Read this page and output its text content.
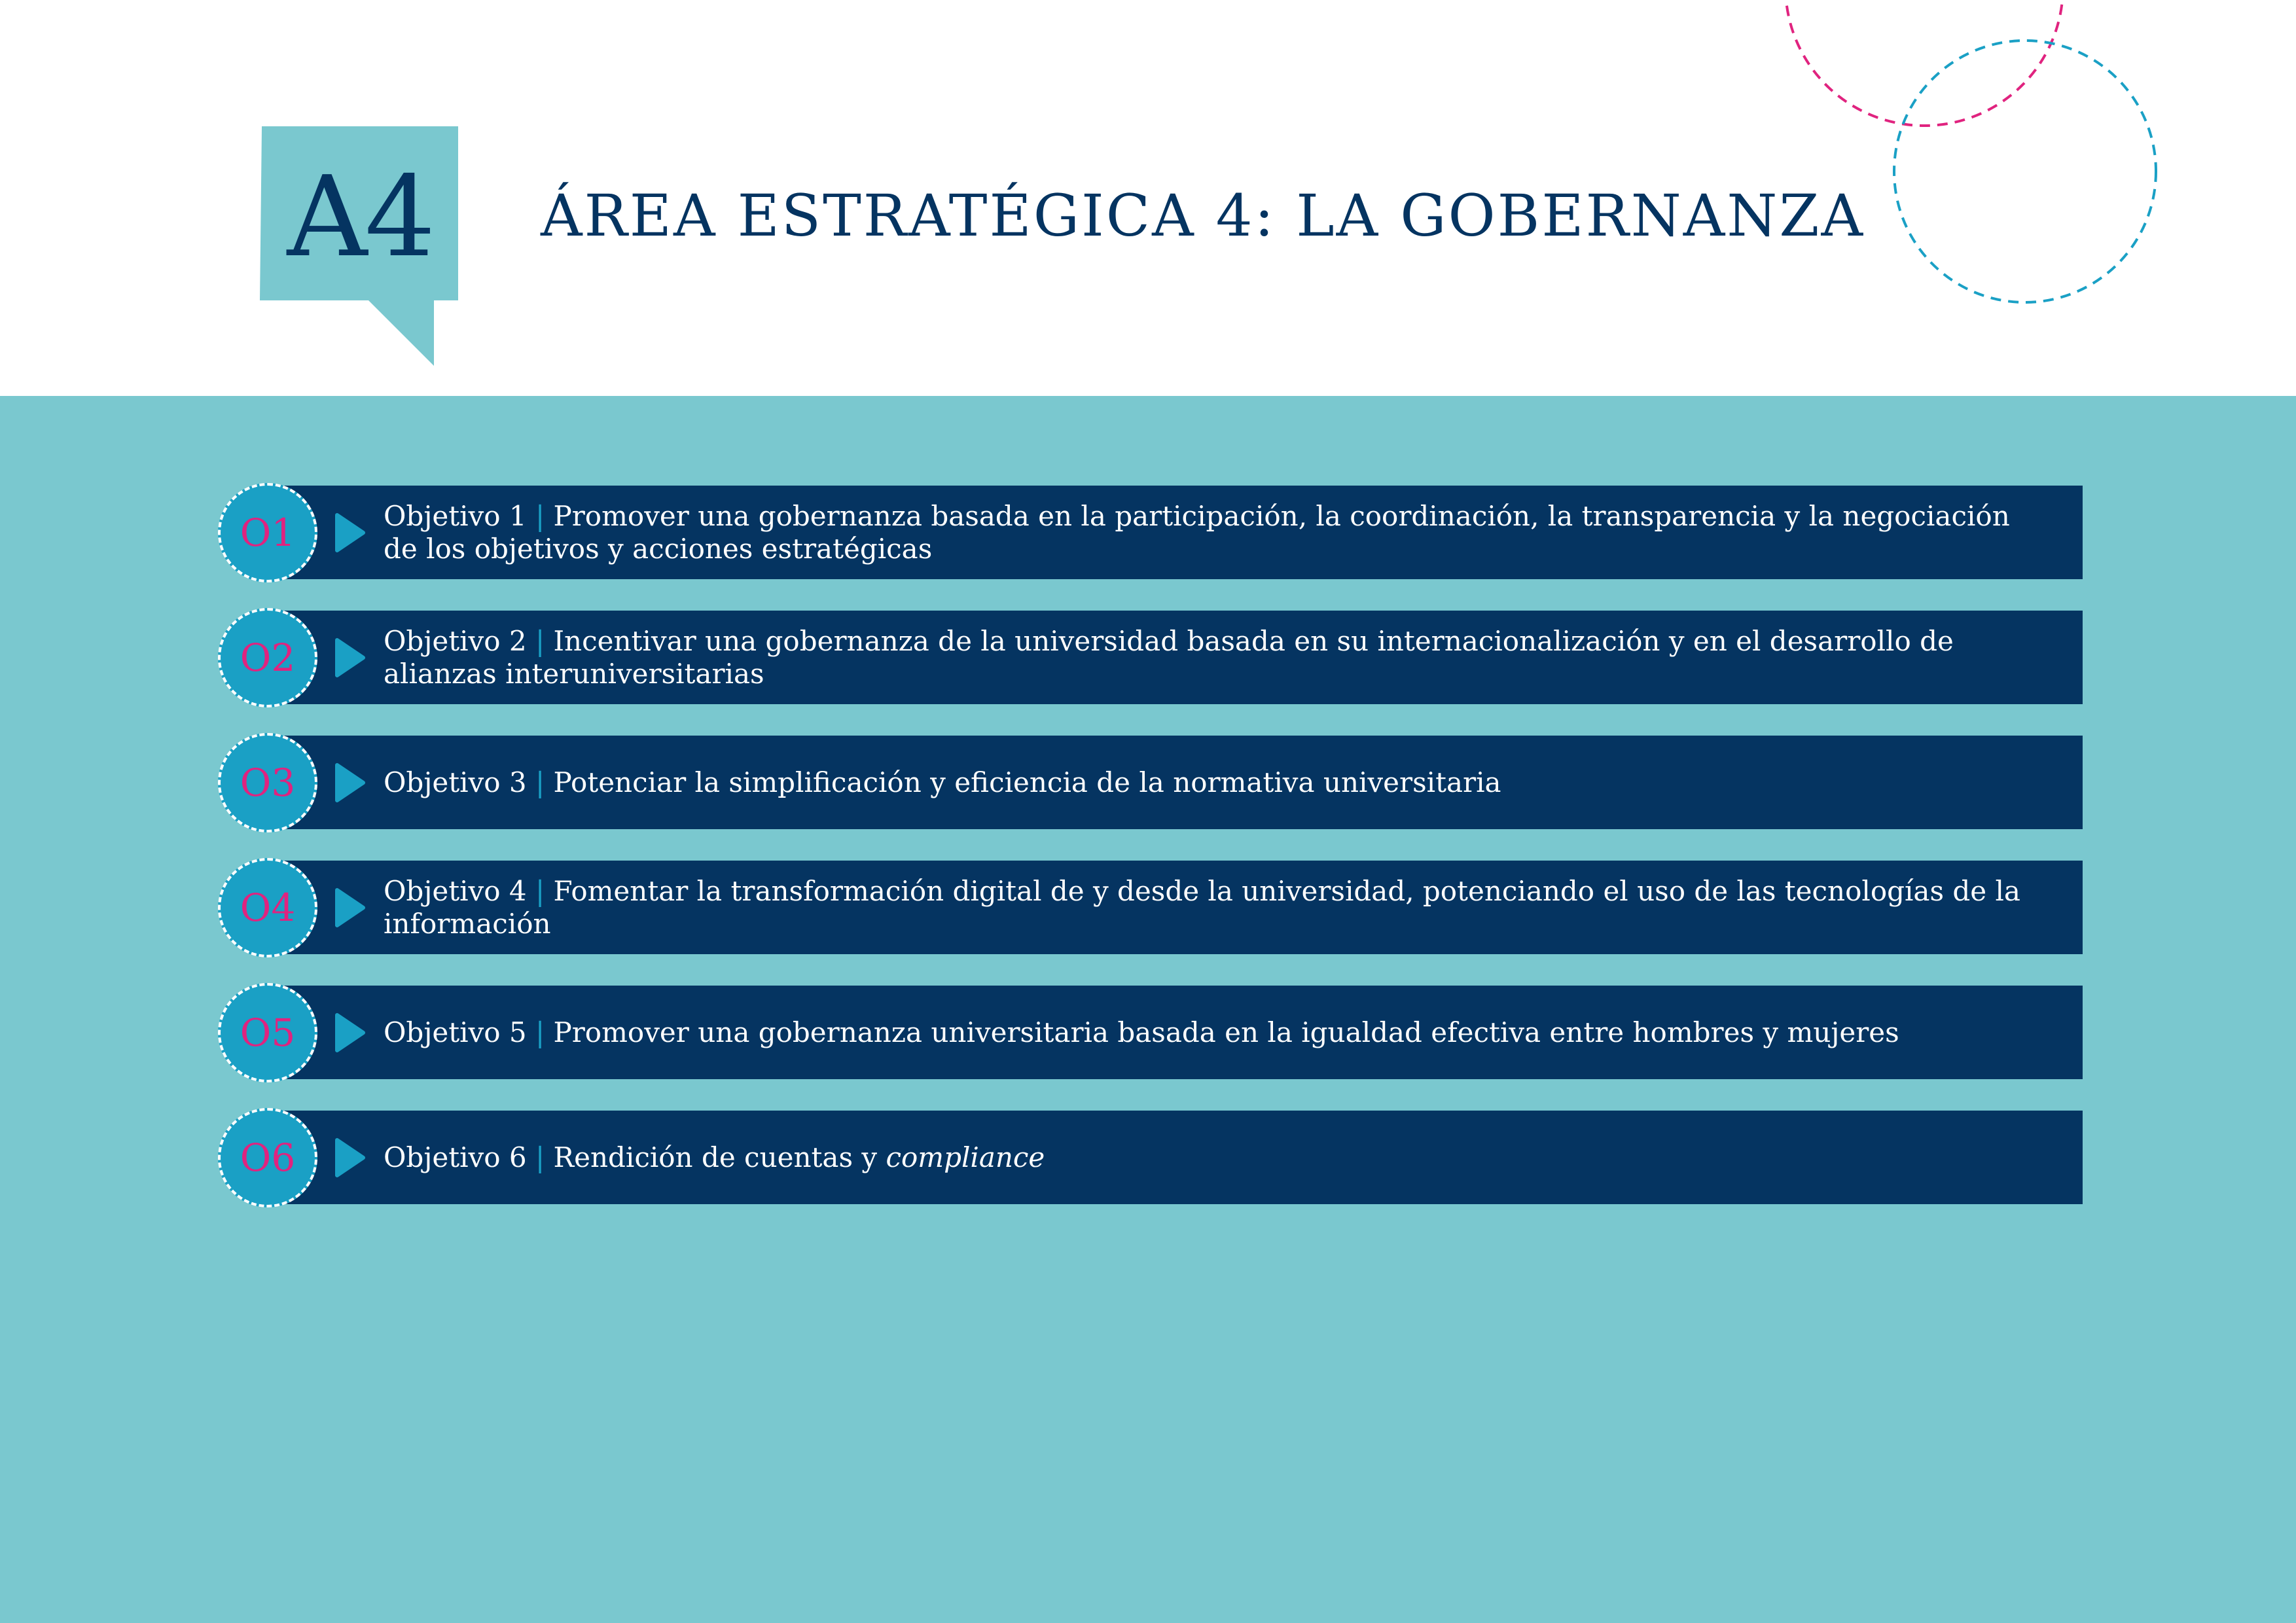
A4	ÁREA ESTRATÉGICA 4: LA GOBERNANZA

Objetivo 1 | Promover una gobernanza basada en la participación, la coordinación, la transparencia y la negociación de los objetivos y acciones estratégicas

O1

Objetivo 2 | Incentivar una gobernanza de la universidad basada en su internacionalización y en el desarrollo de alianzas interuniversitarias

O2

Objetivo 3 | Potenciar la simplificación y eficiencia de la normativa universitaria

O3

Objetivo 4 | Fomentar la transformación digital de y desde la universidad, potenciando el uso de las tecnologías de la información

O4

Objetivo 5 | Promover una gobernanza universitaria basada en la igualdad efectiva entre hombres y mujeres

O5

Objetivo 6 | Rendición de cuentas y compliance

O6
